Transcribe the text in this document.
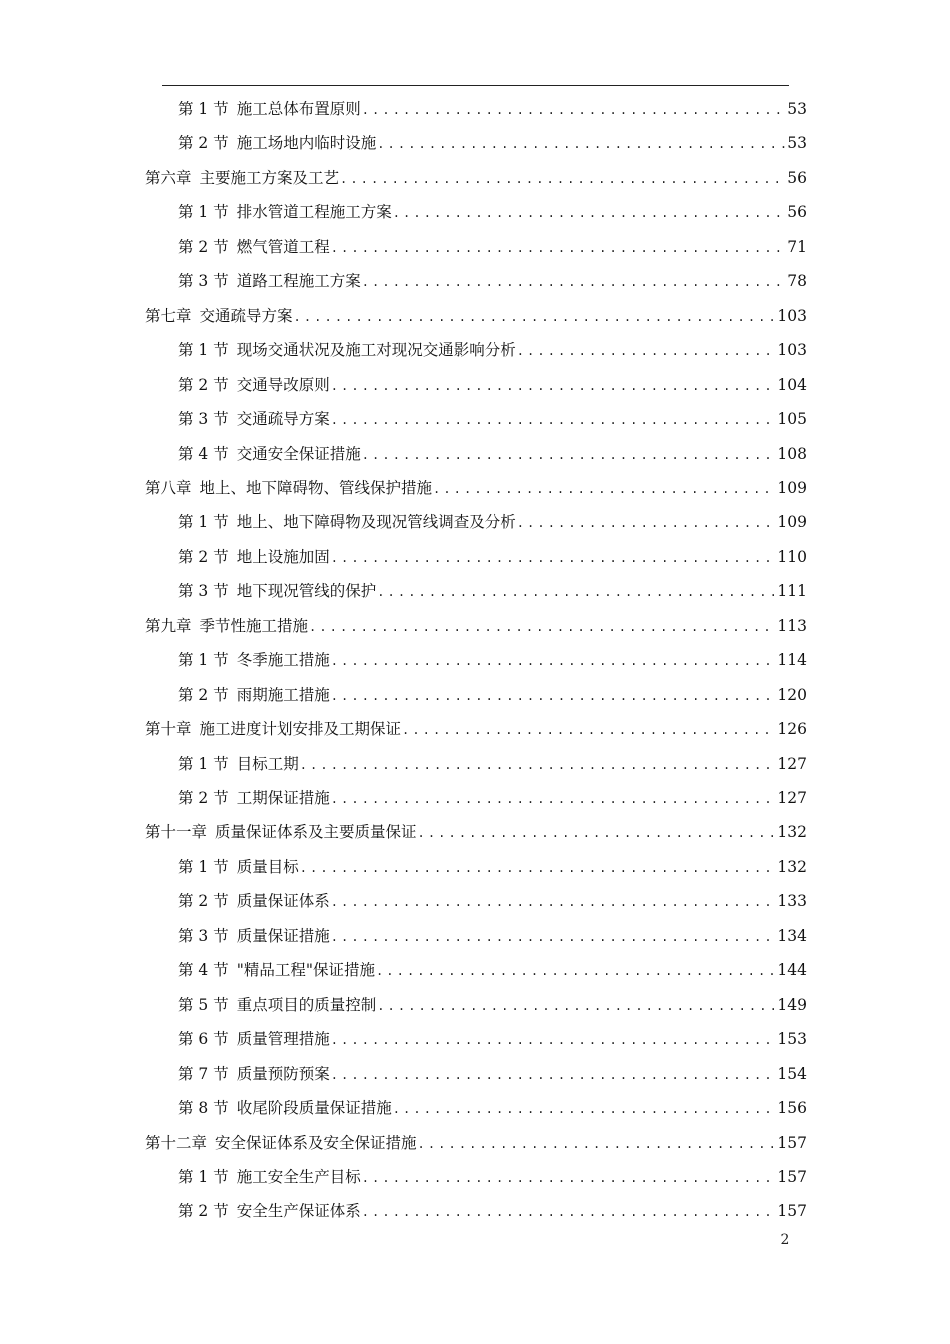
第 1 节 施工总体布置原则 .....	53
第 2 节 施工场地内临时设施 .....	53
第六章 主要施工方案及工艺 .....	56
第 1 节 排水管道工程施工方案 .....	56
第 2 节 燃气管道工程 .....	71
第 3 节 道路工程施工方案 .....	78
第七章 交通疏导方案 .....	103
第 1 节 现场交通状况及施工对现况交通影响分析 .....	103
第 2 节 交通导改原则 .....	104
第 3 节 交通疏导方案 .....	105
第 4 节 交通安全保证措施 .....	108
第八章 地上、地下障碍物、管线保护措施 .....	109
第 1 节 地上、地下障碍物及现况管线调查及分析 .....	109
第 2 节 地上设施加固 .....	110
第 3 节 地下现况管线的保护 .....	111
第九章 季节性施工措施 .....	113
第 1 节 冬季施工措施 .....	114
第 2 节 雨期施工措施 .....	120
第十章 施工进度计划安排及工期保证 .....	126
第 1 节 目标工期 .....	127
第 2 节 工期保证措施 .....	127
第十一章 质量保证体系及主要质量保证 .....	132
第 1 节 质量目标 .....	132
第 2 节 质量保证体系 .....	133
第 3 节 质量保证措施 .....	134
第 4 节 "精品工程"保证措施 .....	144
第 5 节 重点项目的质量控制 .....	149
第 6 节 质量管理措施 .....	153
第 7 节 质量预防预案 .....	154
第 8 节 收尾阶段质量保证措施 .....	156
第十二章 安全保证体系及安全保证措施 .....	157
第 1 节 施工安全生产目标 .....	157
第 2 节 安全生产保证体系 .....	157
2
